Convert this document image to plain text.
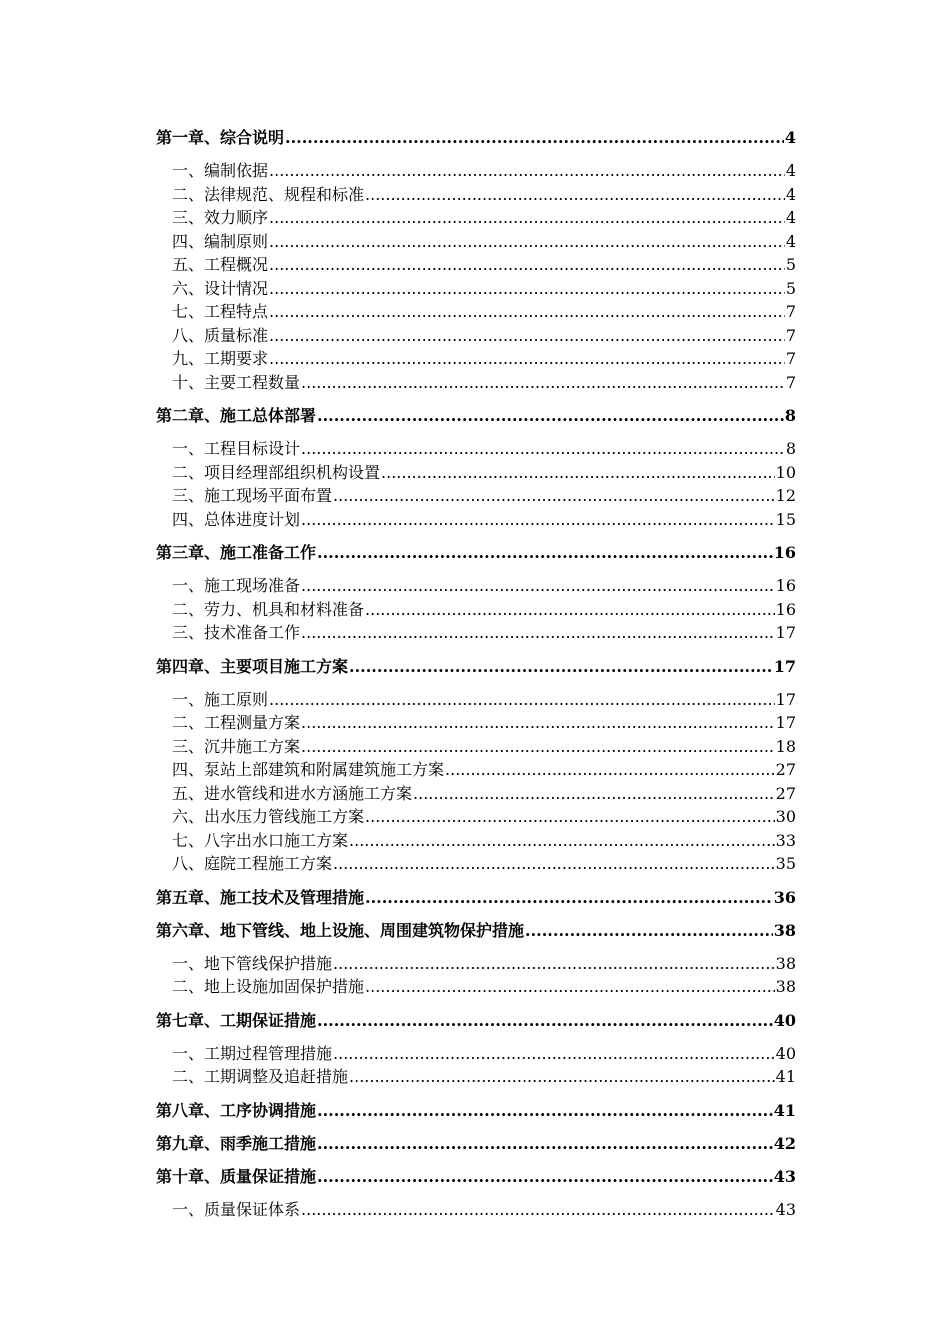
第一章、综合说明 .....	4
一、编制依据 .....	4
二、法律规范、规程和标准 .....	4
三、效力顺序 .....	4
四、编制原则 .....	4
五、工程概况 .....	5
六、设计情况 .....	5
七、工程特点 .....	7
八、质量标准 .....	7
九、工期要求 .....	7
十、主要工程数量 .....	7
第二章、施工总体部署 .....	8
一、工程目标设计 .....	8
二、项目经理部组织机构设置 .....	10
三、施工现场平面布置 .....	12
四、总体进度计划 .....	15
第三章、施工准备工作 .....	16
一、施工现场准备 .....	16
二、劳力、机具和材料准备 .....	16
三、技术准备工作 .....	17
第四章、主要项目施工方案 .....	17
一、施工原则 .....	17
二、工程测量方案 .....	17
三、沉井施工方案 .....	18
四、泵站上部建筑和附属建筑施工方案 .....	27
五、进水管线和进水方涵施工方案 .....	27
六、出水压力管线施工方案 .....	30
七、八字出水口施工方案 .....	33
八、庭院工程施工方案 .....	35
第五章、施工技术及管理措施 .....	36
第六章、地下管线、地上设施、周围建筑物保护措施 .....	38
一、地下管线保护措施 .....	38
二、地上设施加固保护措施 .....	38
第七章、工期保证措施 .....	40
一、工期过程管理措施 .....	40
二、工期调整及追赶措施 .....	41
第八章、工序协调措施 .....	41
第九章、雨季施工措施 .....	42
第十章、质量保证措施 .....	43
一、质量保证体系 .....	43
